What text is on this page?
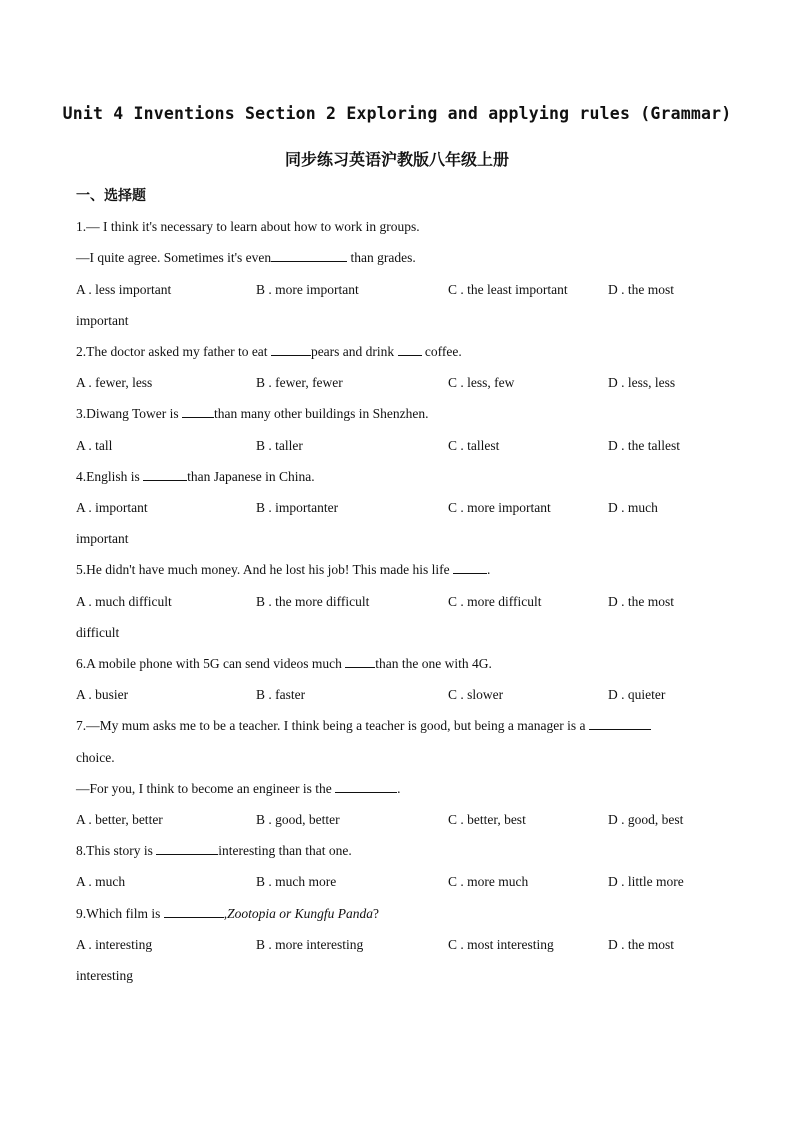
Unit 4 Inventions Section 2 Exploring and applying rules (Grammar)
同步练习英语沪教版八年级上册
一、选择题
1.— I think it's necessary to learn about how to work in groups.
—I quite agree. Sometimes it's even	than grades.
A . less important	B . more important	C . the least important	D . the most
important
2.The doctor asked my father to eat	pears and drink  coffee.
A . fewer, less	B . fewer, fewer	C . less, few	D . less, less
3.Diwang Tower is than many other buildings in Shenzhen.
A . tall	B . taller	C . tallest	D . the tallest
4.English is	than Japanese in China.
A . important	B . importanter	C . more important	D . much
important
5.He didn't have much money. And he lost his job! This made his life	.
A . much difficult	B . the more difficult	C . more difficult	D . the most
difficult
6.A mobile phone with 5G can send videos much than the one with 4G.
A . busier	B . faster	C . slower	D . quieter
7.—My mum asks me to be a teacher. I think being a teacher is good, but being a manager is a
choice.
—For you, I think to become an engineer is the	.
A . better, better	B . good, better	C . better, best	D . good, best
8.This story is	interesting than that one.
A . much	B . much more	C . more much	D . little more
9.Which film is	,Zootopia or Kungfu Panda?
A . interesting	B . more interesting	C . most interesting	D . the most
interesting
